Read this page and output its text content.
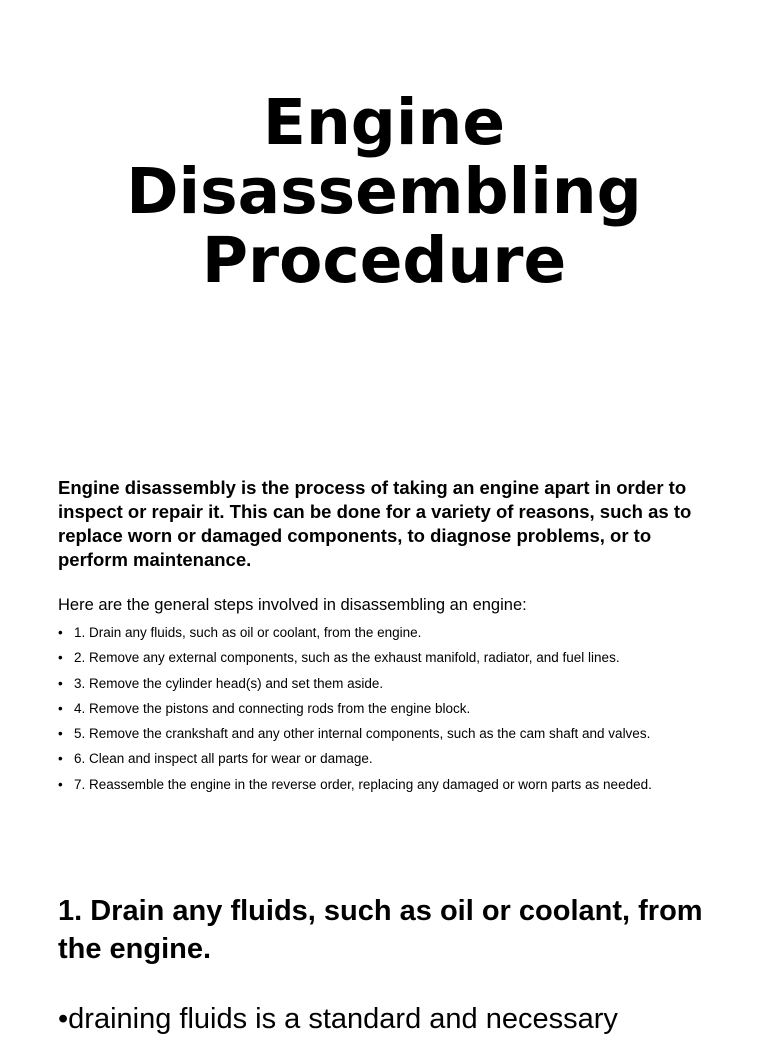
Engine
Disassembling
Procedure

Engine disassembly is the process of taking an engine apart in order to inspect or repair it. This can be done for a variety of reasons, such as to replace worn or damaged components, to diagnose problems, or to perform maintenance.

Here are the general steps involved in disassembling an engine:

• 1. Drain any fluids, such as oil or coolant, from the engine.
• 2. Remove any external components, such as the exhaust manifold, radiator, and fuel lines.
• 3. Remove the cylinder head(s) and set them aside.
• 4. Remove the pistons and connecting rods from the engine block.
• 5. Remove the crankshaft and any other internal components, such as the cam shaft and valves.
• 6. Clean and inspect all parts for wear or damage.
• 7. Reassemble the engine in the reverse order, replacing any damaged or worn parts as needed.
1. Drain any fluids, such as oil or coolant, from the engine.

•draining fluids is a standard and necessary
